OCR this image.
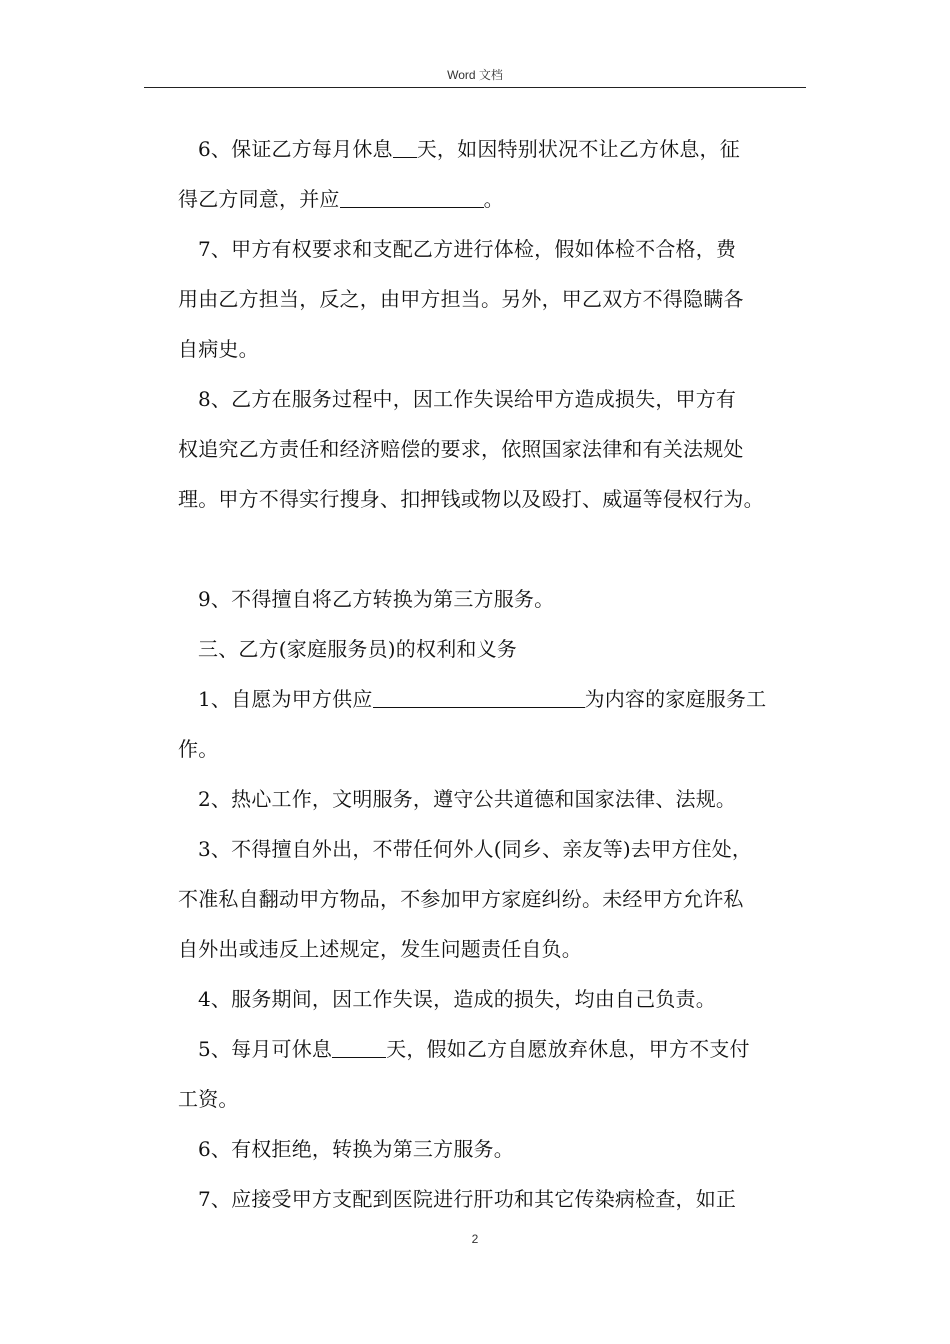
Word 文档
6、保证乙方每月休息 天，如因特别状况不让乙方休息，征
得乙方同意，并应	。
7、甲方有权要求和支配乙方进行体检，假如体检不合格，费
用由乙方担当，反之，由甲方担当。另外，甲乙双方不得隐瞒各
自病史。
8、乙方在服务过程中，因工作失误给甲方造成损失，甲方有
权追究乙方责任和经济赔偿的要求，依照国家法律和有关法规处
理。甲方不得实行搜身、扣押钱或物以及殴打、威逼等侵权行为。
9、不得擅自将乙方转换为第三方服务。
三、乙方(家庭服务员)的权利和义务
1、自愿为甲方供应	为内容的家庭服务工
作。
2、热心工作，文明服务，遵守公共道德和国家法律、法规。
3、不得擅自外出，不带任何外人(同乡、亲友等)去甲方住处，
不准私自翻动甲方物品，不参加甲方家庭纠纷。未经甲方允许私
自外出或违反上述规定，发生问题责任自负。
4、服务期间，因工作失误，造成的损失，均由自己负责。
5、每月可休息	天，假如乙方自愿放弃休息，甲方不支付
工资。
6、有权拒绝，转换为第三方服务。
7、应接受甲方支配到医院进行肝功和其它传染病检查，如正
2
